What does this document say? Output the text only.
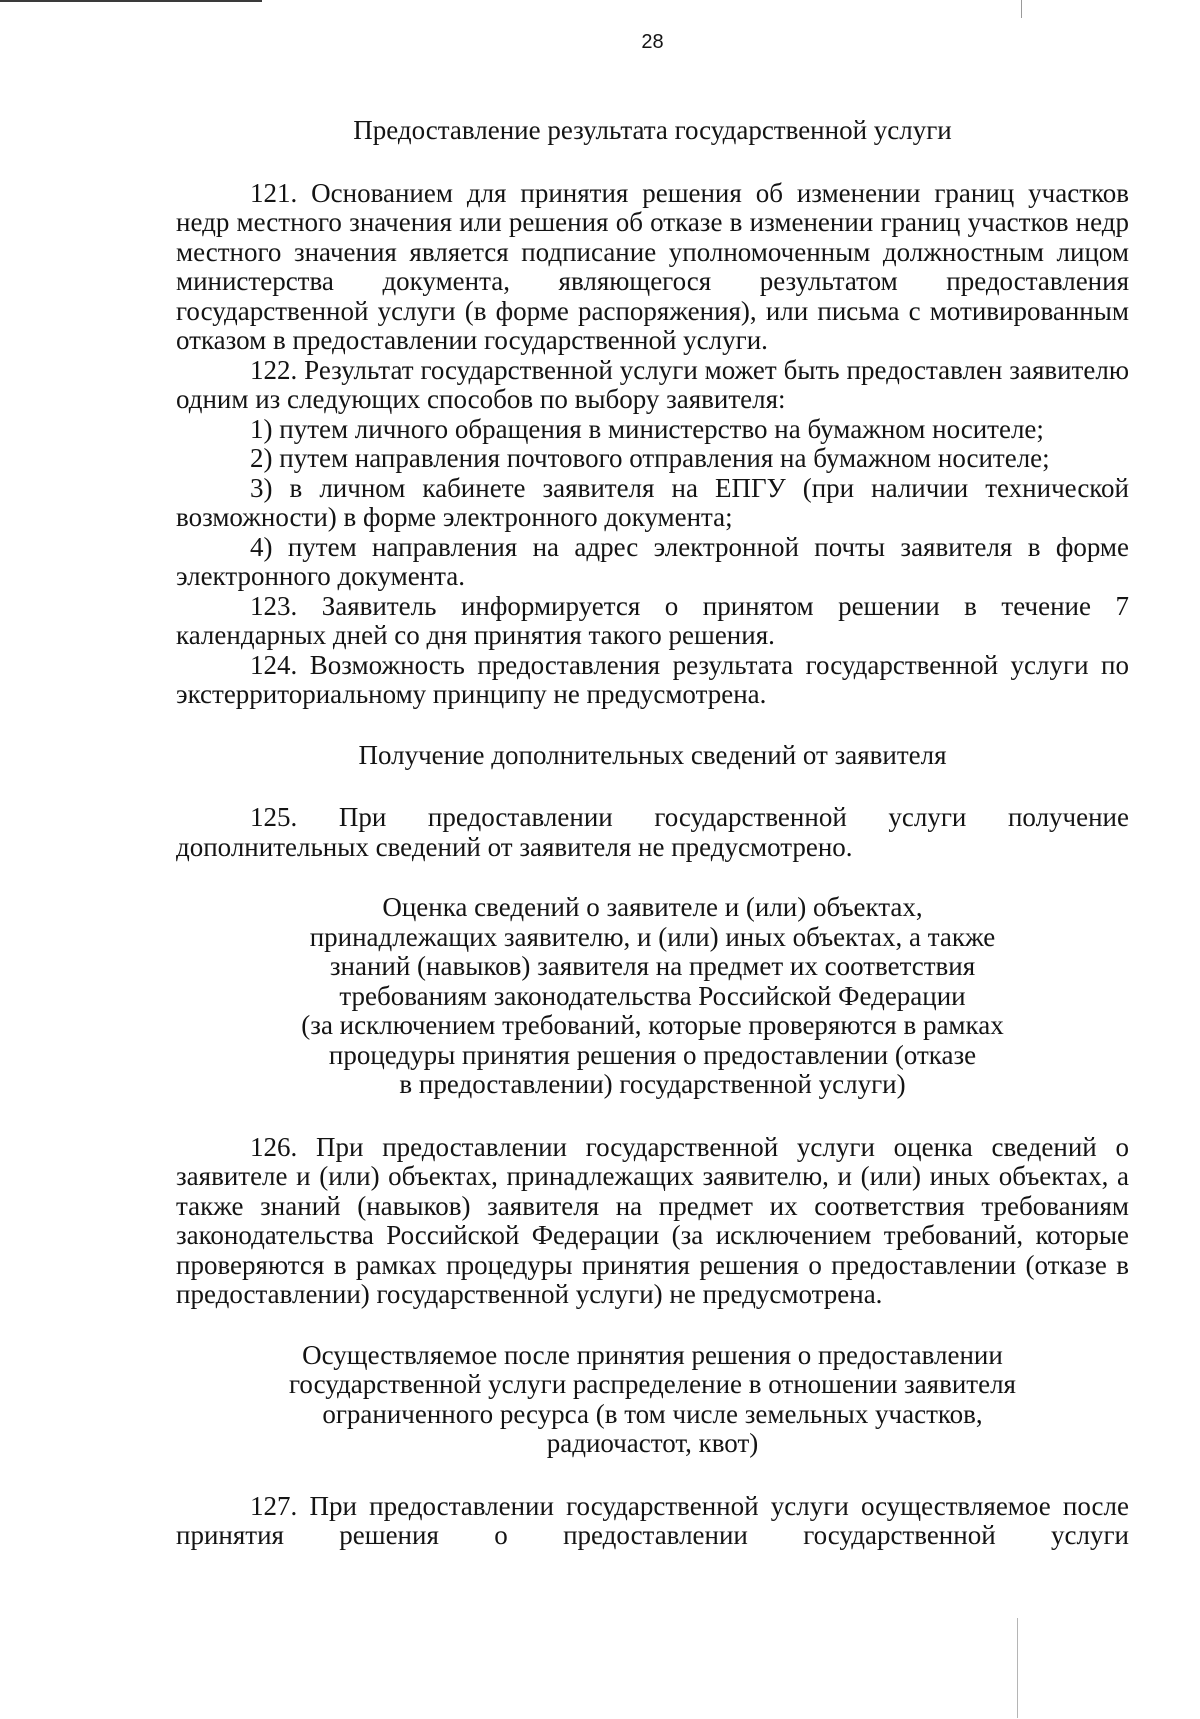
28
Предоставление результата государственной услуги

121. Основанием для принятия решения об изменении границ участков недр местного значения или решения об отказе в изменении границ участков недр местного значения является подписание уполномоченным должностным лицом министерства документа, являющегося результатом предоставления государственной услуги (в форме распоряжения), или письма с мотивированным отказом в предоставлении государственной услуги.

122. Результат государственной услуги может быть предоставлен заявителю одним из следующих способов по выбору заявителя:

1) путем личного обращения в министерство на бумажном носителе;

2) путем направления почтового отправления на бумажном носителе;

3) в личном кабинете заявителя на ЕПГУ (при наличии технической возможности) в форме электронного документа;

4) путем направления на адрес электронной почты заявителя в форме электронного документа.

123. Заявитель информируется о принятом решении в течение 7 календарных дней со дня принятия такого решения.

124. Возможность предоставления результата государственной услуги по экстерриториальному принципу не предусмотрена.

Получение дополнительных сведений от заявителя

125. При предоставлении государственной услуги получение дополнительных сведений от заявителя не предусмотрено.

Оценка сведений о заявителе и (или) объектах,
принадлежащих заявителю, и (или) иных объектах, а также
знаний (навыков) заявителя на предмет их соответствия
требованиям законодательства Российской Федерации
(за исключением требований, которые проверяются в рамках
процедуры принятия решения о предоставлении (отказе
в предоставлении) государственной услуги)

126. При предоставлении государственной услуги оценка сведений о заявителе и (или) объектах, принадлежащих заявителю, и (или) иных объектах, а также знаний (навыков) заявителя на предмет их соответствия требованиям законодательства Российской Федерации (за исключением требований, которые проверяются в рамках процедуры принятия решения о предоставлении (отказе в предоставлении) государственной услуги) не предусмотрена.

Осуществляемое после принятия решения о предоставлении
государственной услуги распределение в отношении заявителя
ограниченного ресурса (в том числе земельных участков,
радиочастот, квот)

127. При предоставлении государственной услуги осуществляемое после принятия решения о предоставлении государственной услуги
